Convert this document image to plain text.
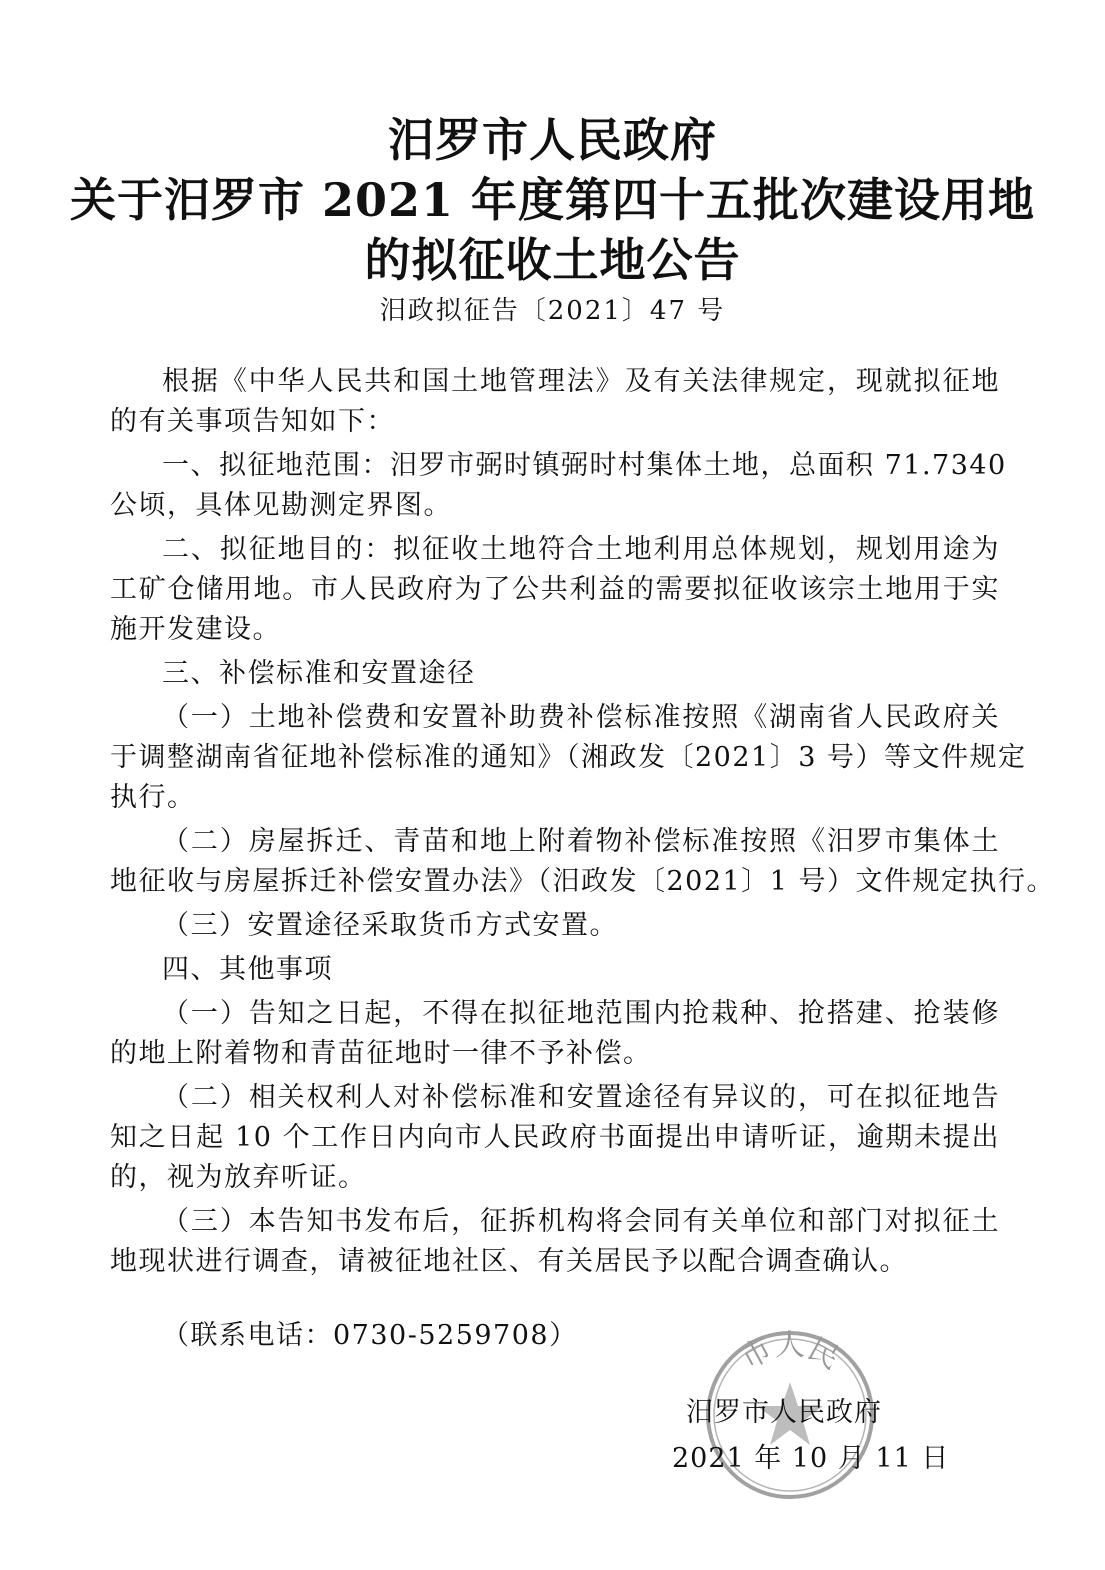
汨罗市人民政府
关于汨罗市 2021 年度第四十五批次建设用地
的拟征收土地公告
汨政拟征告〔2021〕47 号
根据《中华人民共和国土地管理法》及有关法律规定，现就拟征地
的有关事项告知如下：
一、拟征地范围：汨罗市弼时镇弼时村集体土地，总面积 71.7340
公顷，具体见勘测定界图。
二、拟征地目的：拟征收土地符合土地利用总体规划，规划用途为
工矿仓储用地。市人民政府为了公共利益的需要拟征收该宗土地用于实
施开发建设。
三、补偿标准和安置途径
（一）土地补偿费和安置补助费补偿标准按照《湖南省人民政府关
于调整湖南省征地补偿标准的通知》（湘政发〔2021〕3 号）等文件规定
执行。
（二）房屋拆迁、青苗和地上附着物补偿标准按照《汨罗市集体土
地征收与房屋拆迁补偿安置办法》（汨政发〔2021〕1 号）文件规定执行。
（三）安置途径采取货币方式安置。
四、其他事项
（一）告知之日起，不得在拟征地范围内抢栽种、抢搭建、抢装修
的地上附着物和青苗征地时一律不予补偿。
（二）相关权利人对补偿标准和安置途径有异议的，可在拟征地告
知之日起 10 个工作日内向市人民政府书面提出申请听证，逾期未提出
的，视为放弃听证。
（三）本告知书发布后，征拆机构将会同有关单位和部门对拟征土
地现状进行调查，请被征地社区、有关居民予以配合调查确认。
（联系电话：0730-5259708）	市人民
汨罗市人民政府
2021 年 10 月 11 日
